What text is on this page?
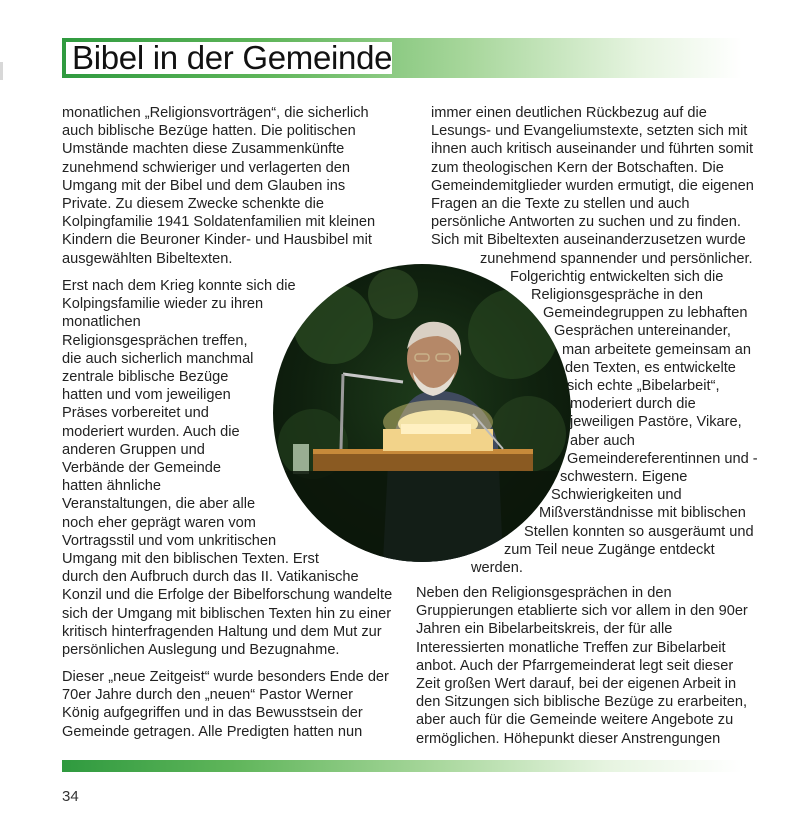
Bibel in der Gemeinde
monatlichen „Religionsvorträgen“, die sicherlich
auch biblische Bezüge hatten. Die politischen
Umstände machten diese Zusammenkünfte
zunehmend schwieriger und verlagerten den
Umgang mit der Bibel und dem Glauben ins
Private. Zu diesem Zwecke schenkte die
Kolpingfamilie 1941 Soldatenfamilien mit kleinen
Kindern die Beuroner Kinder- und Hausbibel mit
ausgewählten Bibeltexten.
Erst nach dem Krieg konnte sich die
Kolpingsfamilie wieder zu ihren
monatlichen
Religionsgesprächen treffen,
die auch sicherlich manchmal
zentrale biblische Bezüge
hatten und vom jeweiligen
Präses vorbereitet und
moderiert wurden. Auch die
anderen Gruppen und
Verbände der Gemeinde
hatten ähnliche
Veranstaltungen, die aber alle
noch eher geprägt waren vom
Vortragsstil und vom unkritischen
Umgang mit den biblischen Texten. Erst
durch den Aufbruch durch das II. Vatikanische
Konzil und die Erfolge der Bibelforschung wandelte
sich der Umgang mit biblischen Texten hin zu einer
kritisch hinterfragenden Haltung und dem Mut zur
persönlichen Auslegung und Bezugnahme.
Dieser „neue Zeitgeist“ wurde besonders Ende der
70er Jahre durch den „neuen“ Pastor Werner
König aufgegriffen und in das Bewusstsein der
Gemeinde getragen. Alle Predigten hatten nun
immer einen deutlichen Rückbezug auf die
Lesungs- und Evangeliumstexte, setzten sich mit
ihnen auch kritisch auseinander und führten somit
zum theologischen Kern der Botschaften. Die
Gemeindemitglieder wurden ermutigt, die eigenen
Fragen an die Texte zu stellen und auch
persönliche Antworten zu suchen und zu finden.
Sich mit Bibeltexten auseinanderzusetzen wurde
zunehmend spannender und persönlicher.
Folgerichtig entwickelten sich die
Religionsgespräche in den
Gemeindegruppen zu lebhaften
Gesprächen untereinander,
man arbeitete gemeinsam an
den Texten, es entwickelte
sich echte „Bibelarbeit“,
moderiert durch die
jeweiligen Pastöre, Vikare,
aber auch
Gemeindereferentinnen und -
schwestern. Eigene
Schwierigkeiten und
Mißverständnisse mit biblischen
Stellen konnten so ausgeräumt und
zum Teil neue Zugänge entdeckt
werden.
Neben den Religionsgesprächen in den
Gruppierungen etablierte sich vor allem in den 90er
Jahren ein Bibelarbeitskreis, der für alle
Interessierten monatliche Treffen zur Bibelarbeit
anbot. Auch der Pfarrgemeinderat legt seit dieser
Zeit großen Wert darauf, bei der eigenen Arbeit in
den Sitzungen sich biblische Bezüge zu erarbeiten,
aber auch für die Gemeinde weitere Angebote zu
ermöglichen. Höhepunkt dieser Anstrengungen
34
